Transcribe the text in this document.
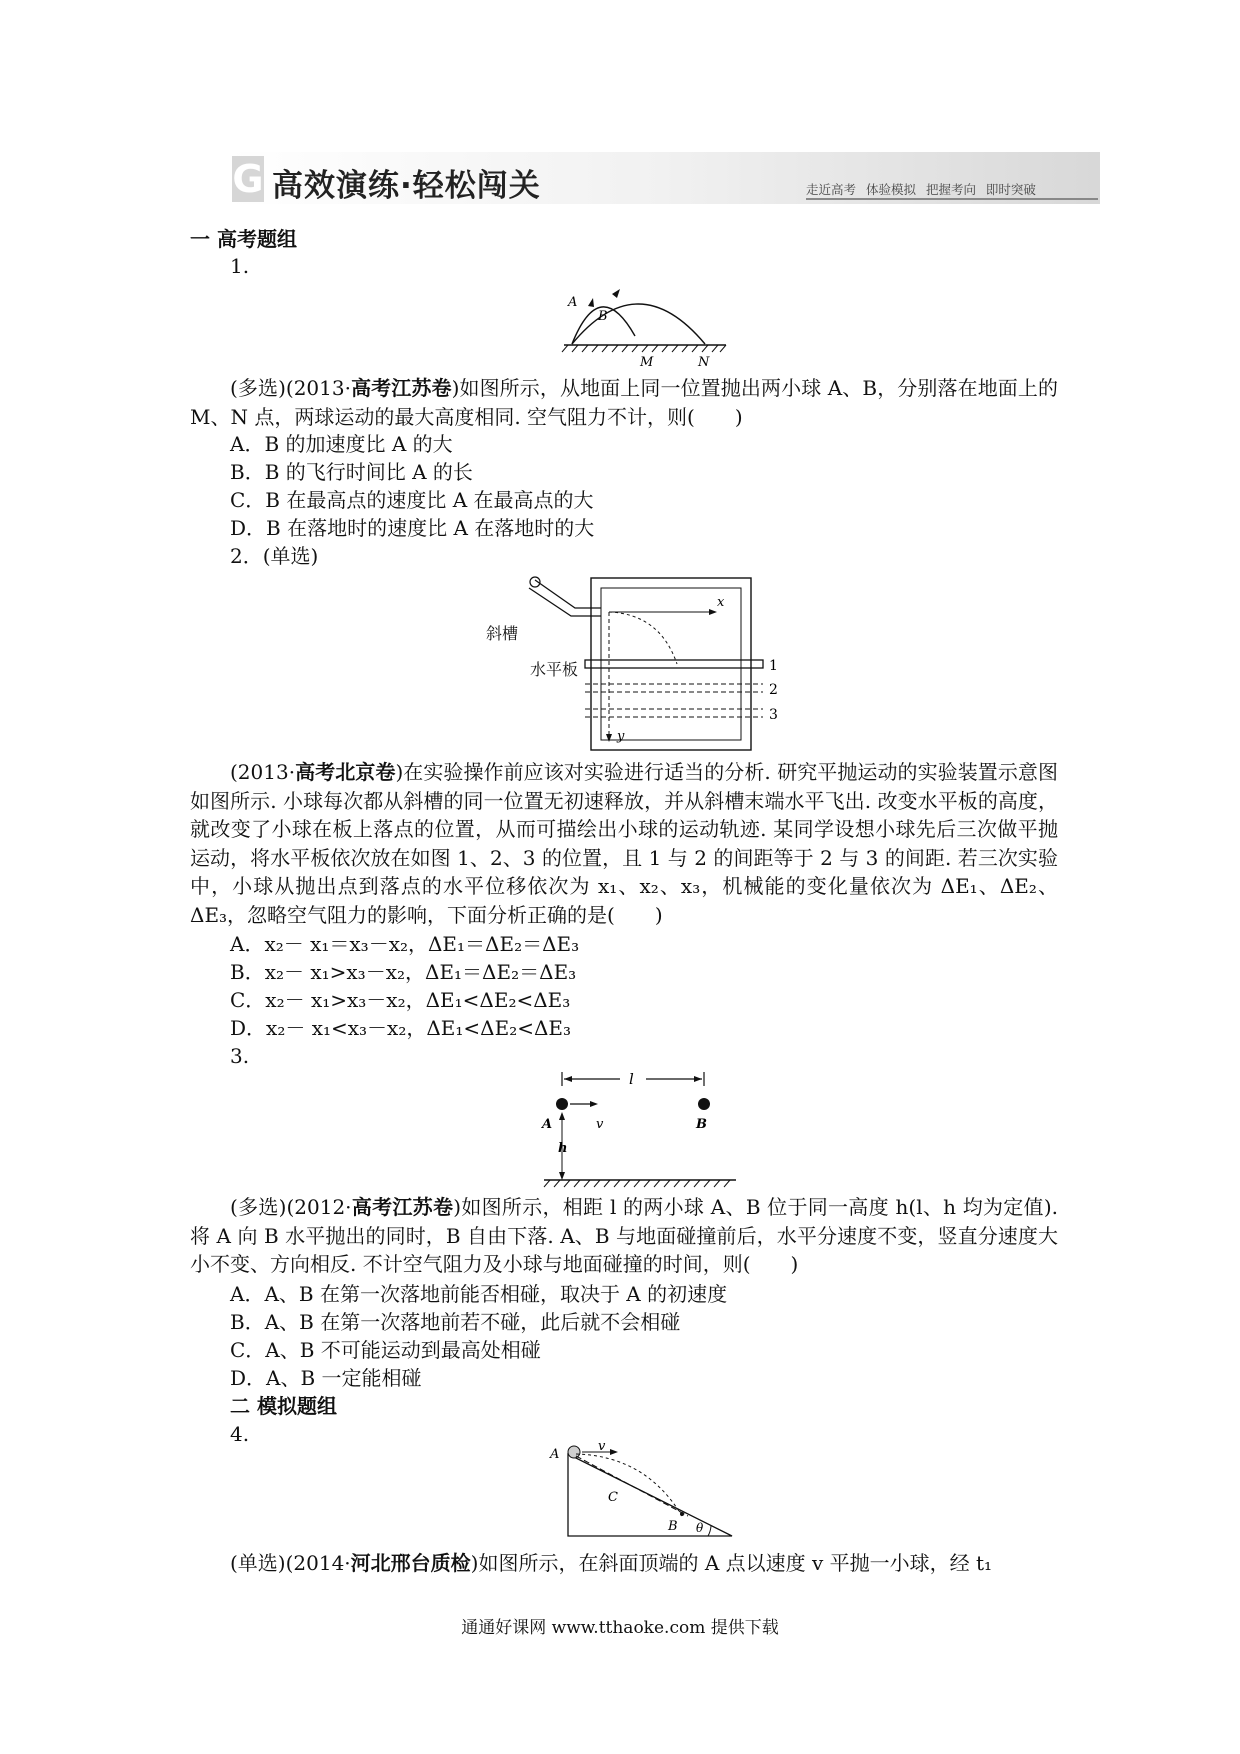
G 高效演练·轻松闯关	走近高考 体验模拟 把握考向 即时突破
一 高考题组
1.
A
B
M	N
(多选)(2013·高考江苏卷)如图所示，从地面上同一位置抛出两小球 A、B，分别落在地面上的 M、N 点，两球运动的最大高度相同. 空气阻力不计，则(　　)
A．B 的加速度比 A 的大
B．B 的飞行时间比 A 的长
C．B 在最高点的速度比 A 在最高点的大
D．B 在落地时的速度比 A 在落地时的大
2．(单选)
x
y
1
2
3
斜槽
水平板
(2013·高考北京卷)在实验操作前应该对实验进行适当的分析. 研究平抛运动的实验装置示意图如图所示. 小球每次都从斜槽的同一位置无初速释放，并从斜槽末端水平飞出. 改变水平板的高度，就改变了小球在板上落点的位置，从而可描绘出小球的运动轨迹. 某同学设想小球先后三次做平抛运动，将水平板依次放在如图 1、2、3 的位置，且 1 与 2 的间距等于 2 与 3 的间距. 若三次实验中，小球从抛出点到落点的水平位移依次为 x₁、x₂、x₃，机械能的变化量依次为 ΔE₁、ΔE₂、ΔE₃，忽略空气阻力的影响，下面分析正确的是(　　)
A．x₂－ x₁＝x₃－x₂，ΔE₁＝ΔE₂＝ΔE₃
B．x₂－ x₁>x₃－x₂，ΔE₁＝ΔE₂＝ΔE₃
C．x₂－ x₁>x₃－x₂，ΔE₁<ΔE₂<ΔE₃
D．x₂－ x₁<x₃－x₂，ΔE₁<ΔE₂<ΔE₃
3.
l
A	v	B
h
(多选)(2012·高考江苏卷)如图所示，相距 l 的两小球 A、B 位于同一高度 h(l、h 均为定值). 将 A 向 B 水平抛出的同时，B 自由下落. A、B 与地面碰撞前后，水平分速度不变，竖直分速度大小不变、方向相反. 不计空气阻力及小球与地面碰撞的时间，则(　　)
A．A、B 在第一次落地前能否相碰，取决于 A 的初速度
B．A、B 在第一次落地前若不碰，此后就不会相碰
C．A、B 不可能运动到最高处相碰
D．A、B 一定能相碰
二 模拟题组
4.
A
v
C
B θ
(单选)(2014·河北邢台质检)如图所示，在斜面顶端的 A 点以速度 v 平抛一小球，经 t₁
通通好课网 www.tthaoke.com 提供下载
